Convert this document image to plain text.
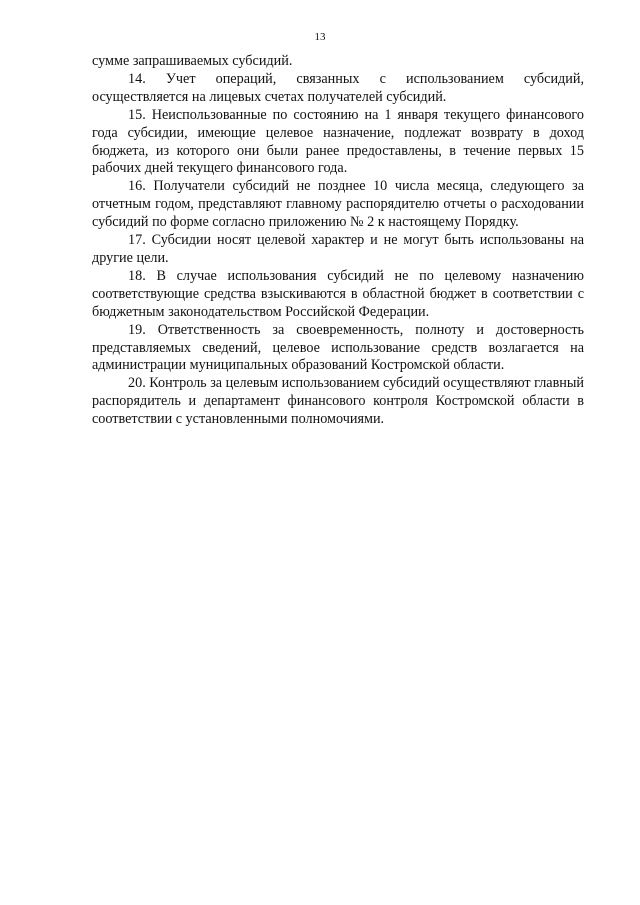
13

сумме запрашиваемых субсидий.

14. Учет операций, связанных с использованием субсидий, осуществляется на лицевых счетах получателей субсидий.

15. Неиспользованные по состоянию на 1 января текущего финансового года субсидии, имеющие целевое назначение, подлежат возврату в доход бюджета, из которого они были ранее предоставлены, в течение первых 15 рабочих дней текущего финансового года.

16. Получатели субсидий не позднее 10 числа месяца, следующего за отчетным годом, представляют главному распорядителю отчеты о расходовании субсидий по форме согласно приложению № 2 к настоящему Порядку.

17. Субсидии носят целевой характер и не могут быть использованы на другие цели.

18. В случае использования субсидий не по целевому назначению соответствующие средства взыскиваются в областной бюджет в соответствии с бюджетным законодательством Российской Федерации.

19. Ответственность за своевременность, полноту и достоверность представляемых сведений, целевое использование средств возлагается на администрации муниципальных образований Костромской области.

20. Контроль за целевым использованием субсидий осуществляют главный распорядитель и департамент финансового контроля Костромской области в соответствии с установленными полномочиями.
